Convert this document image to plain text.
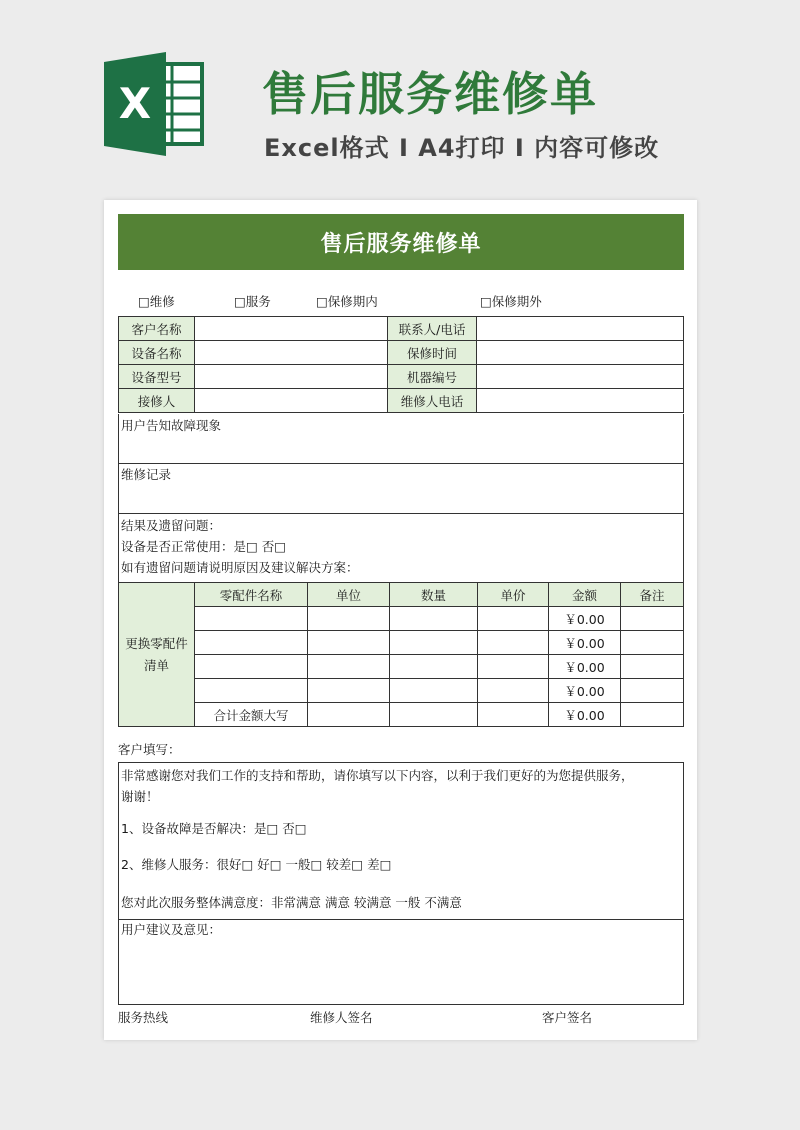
X 售后服务维修单
Excel格式 I A4打印 I 内容可修改
售后服务维修单
□维修	□服务	□保修期内	□保修期外
客户名称		联系人/电话	
设备名称		保修时间	
设备型号		机器编号	
接修人		维修人电话	
用户告知故障现象
维修记录
结果及遗留问题：
设备是否正常使用：是□ 否□
如有遗留问题请说明原因及建议解决方案：
更换零配件
清单	零配件名称	单位	数量	单价	金额	备注
					￥0.00	
					￥0.00	
					￥0.00	
					￥0.00	
	合计金额大写				￥0.00	
客户填写：
非常感谢您对我们工作的支持和帮助，请你填写以下内容，以利于我们更好的为您提供服务，
谢谢！
1、设备故障是否解决：是□ 否□
2、维修人服务：很好□ 好□ 一般□ 较差□ 差□
您对此次服务整体满意度：非常满意 满意 较满意 一般 不满意
用户建议及意见：
服务热线	维修人签名	客户签名
